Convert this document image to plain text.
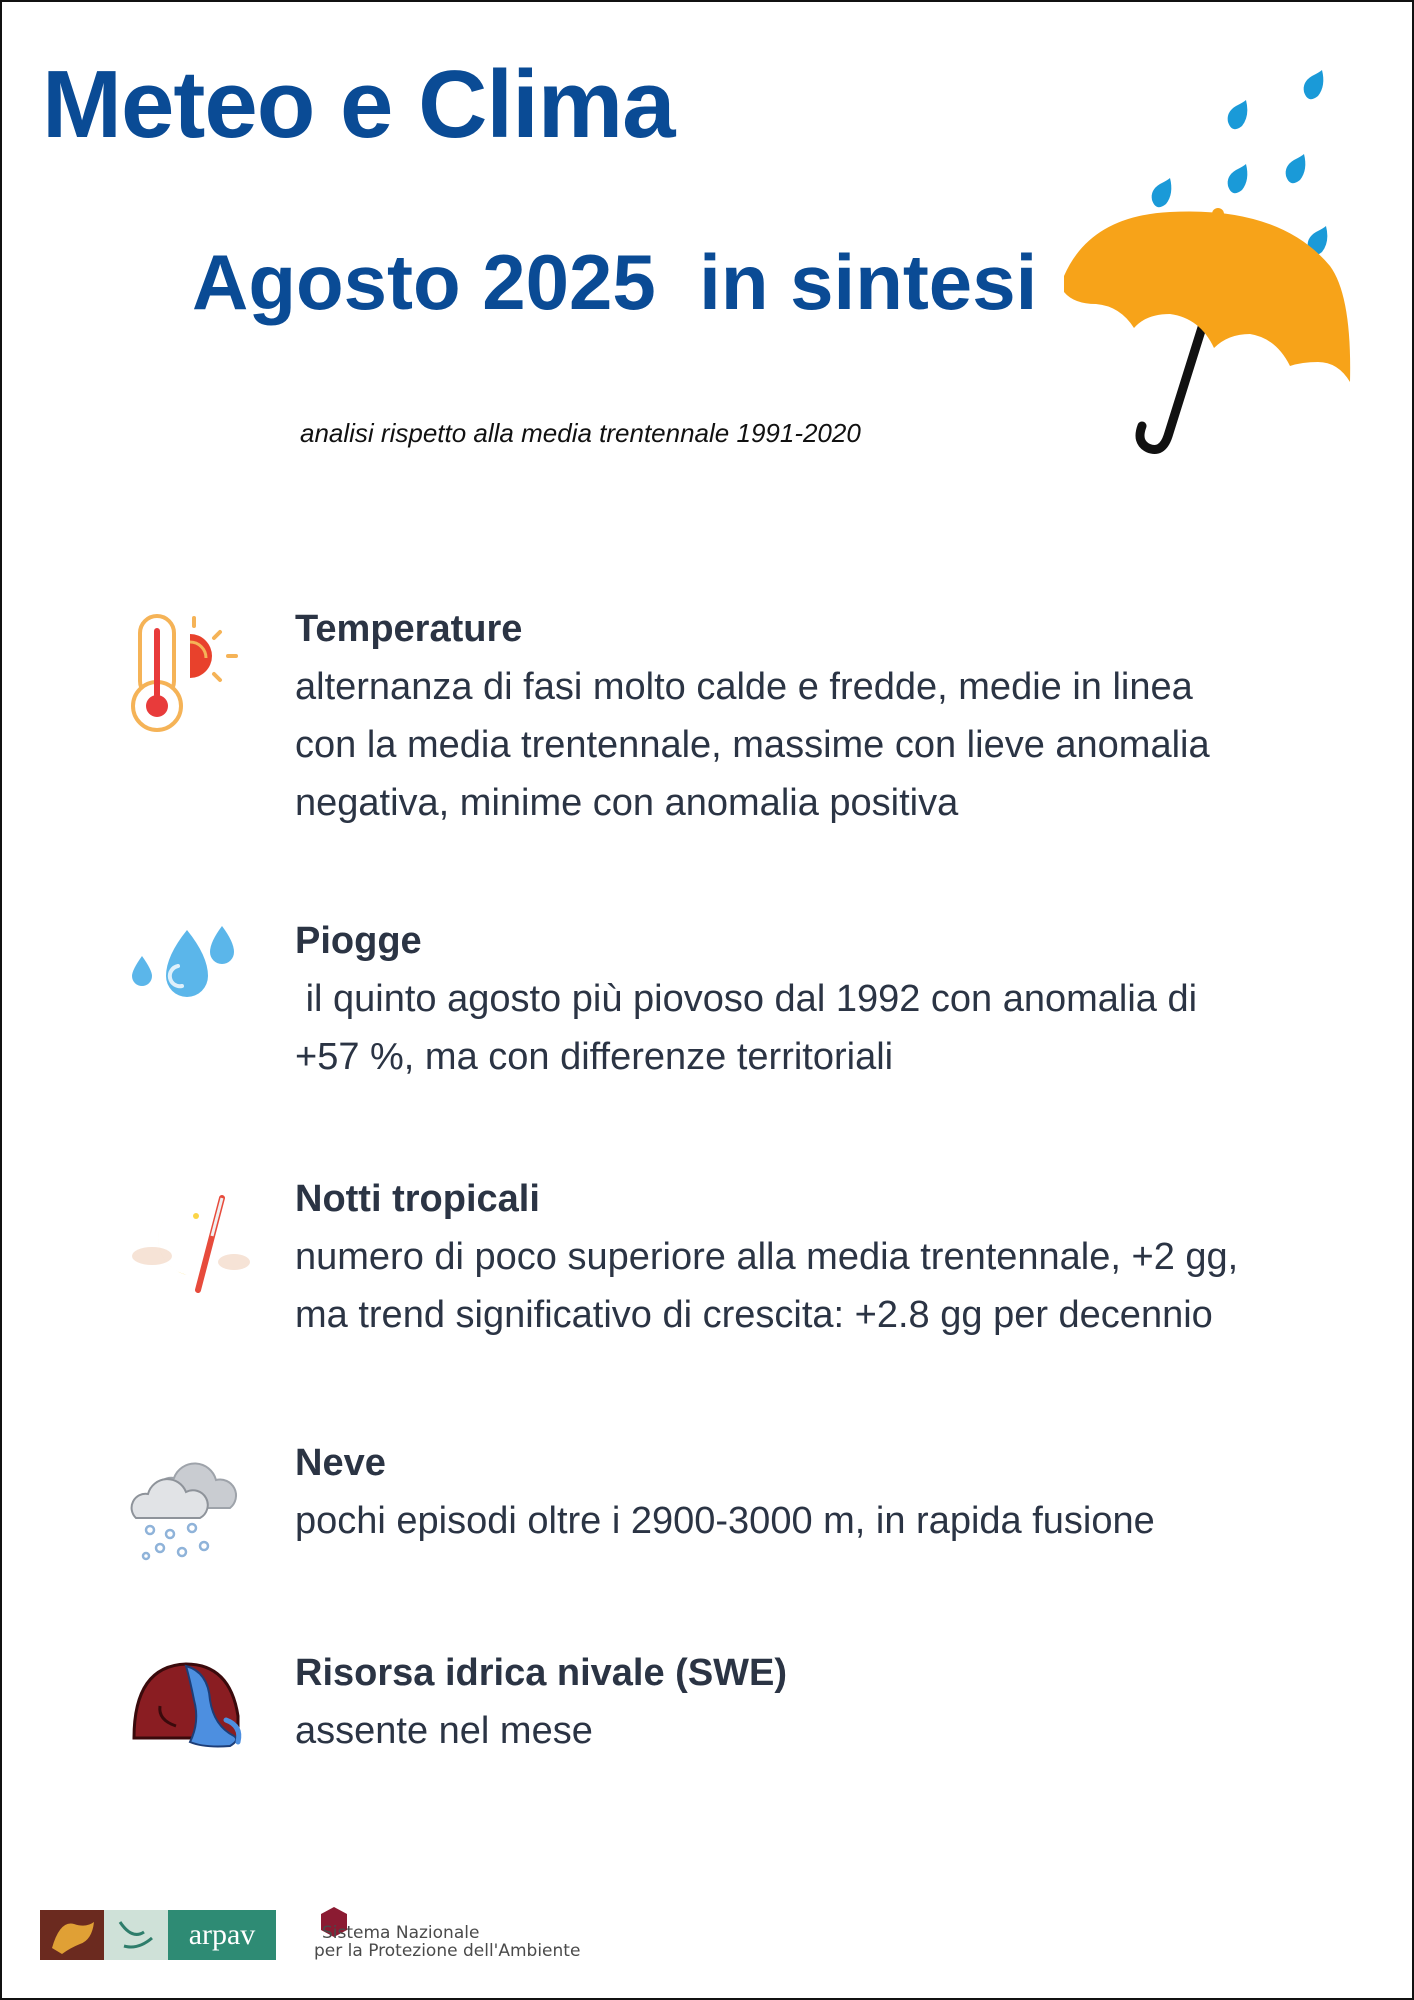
Meteo e Clima
Agosto 2025  in sintesi

analisi rispetto alla media trentennale 1991-2020

Temperature

alternanza di fasi molto calde e fredde, medie in linea
con la media trentennale, massime con lieve anomalia
negativa, minime con anomalia positiva

Piogge

il quinto agosto più piovoso dal 1992 con anomalia di
+57 %, ma con differenze territoriali

Notti tropicali

numero di poco superiore alla media trentennale, +2 gg,
ma trend significativo di crescita: +2.8 gg per decennio

Neve

pochi episodi oltre i 2900-3000 m, in rapida fusione

Risorsa idrica nivale (SWE)

assente nel mese

arpav	Sistema Nazionale
per la Protezione dell'Ambiente
